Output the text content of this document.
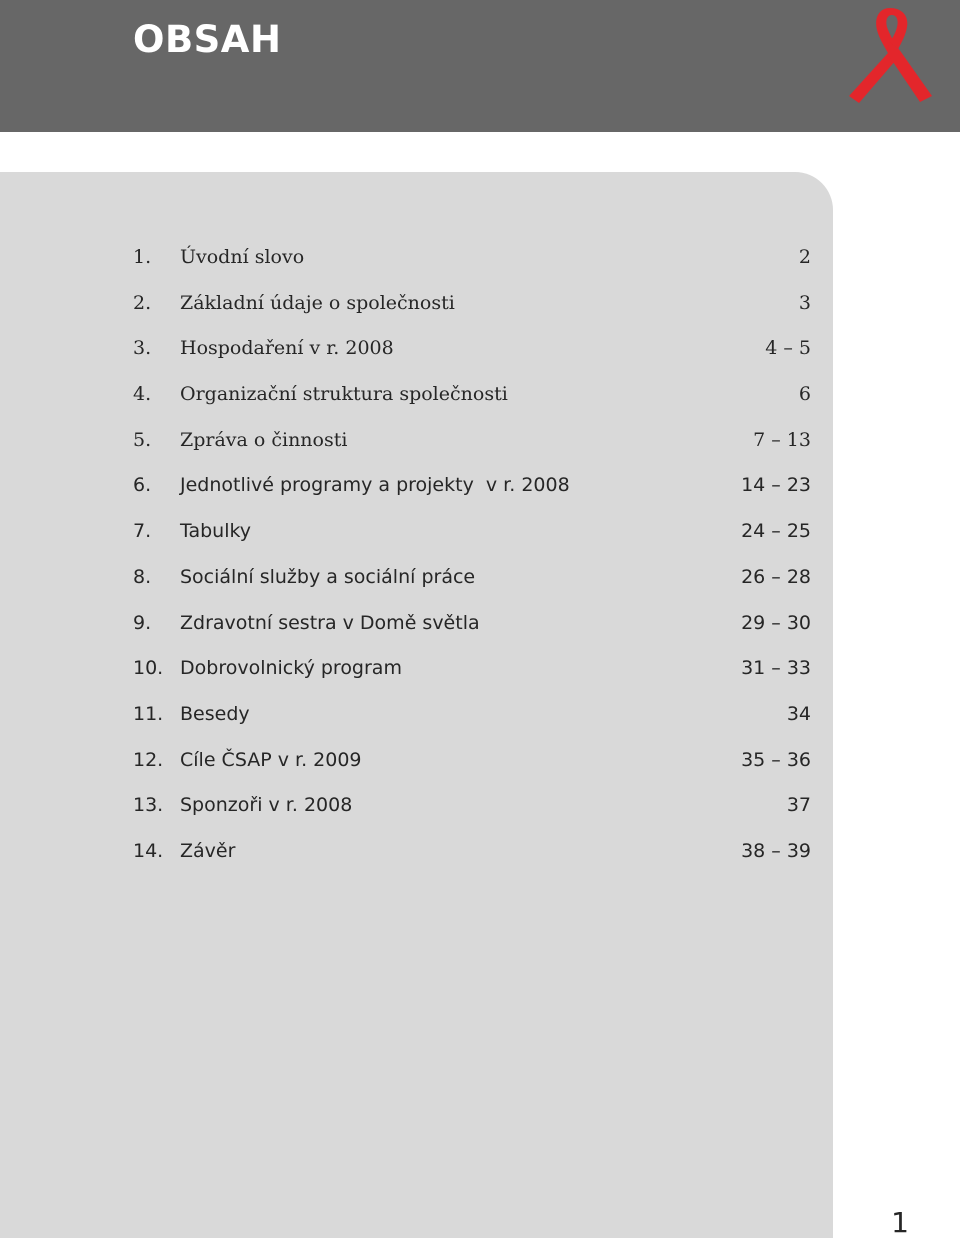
OBSAH
1.	Úvodní slovo	2
2.	Základní údaje o společnosti	3
3.	Hospodaření v r. 2008	4 – 5
4.	Organizační struktura společnosti	6
5.	Zpráva o činnosti	7 – 13
6.	Jednotlivé programy a projekty  v r. 2008	14 – 23
7.	Tabulky	24 – 25
8.	Sociální služby a sociální práce	26 – 28
9.	Zdravotní sestra v Domě světla	29 – 30
10. Dobrovolnický program	31 – 33
11. Besedy	34
12. Cíle ČSAP v r. 2009	35 – 36
13. Sponzoři v r. 2008	37
14. Závěr	38 – 39
1
